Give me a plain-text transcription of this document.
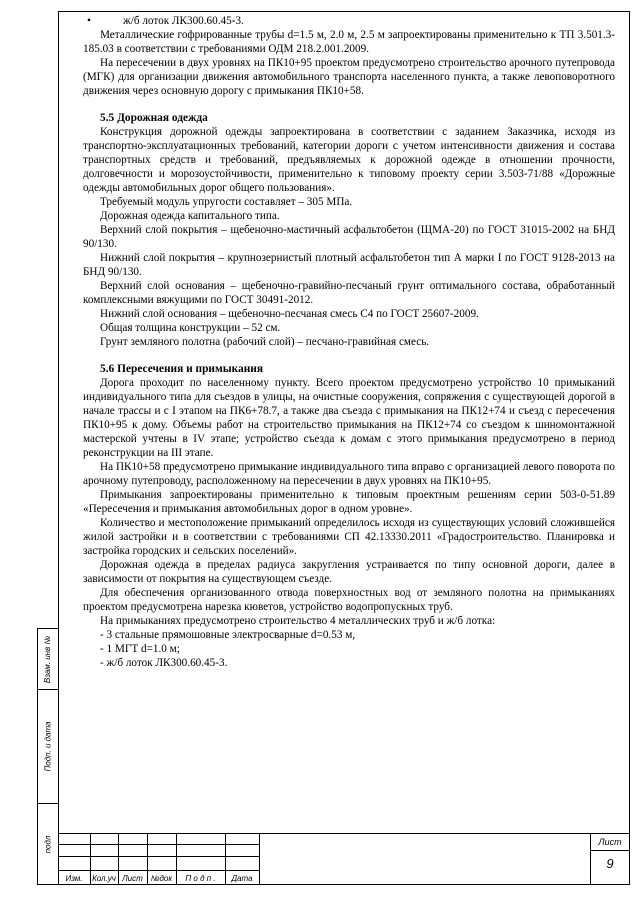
Взам. инв №
Подп. и дата
подл

•	ж/б лоток ЛК300.60.45-3.

Металлические гофрированные трубы d=1.5 м, 2.0 м, 2.5 м запроектированы применительно к ТП 3.501.3-185.03 в соответствии с требованиями ОДМ 218.2.001.2009.

На пересечении в двух уровнях на ПК10+95 проектом предусмотрено строительство арочного путепровода (МГК) для организации движения автомобильного транспорта населенного пункта, а также левоповоротного движения через основную дорогу с примыкания ПК10+58.

5.5 Дорожная одежда

Конструкция дорожной одежды запроектирована в соответствии с заданием Заказчика, исходя из транспортно-эксплуатационных требований, категории дороги с учетом интенсивности движения и состава транспортных средств и требований, предъявляемых к дорожной одежде в отношении прочности, долговечности и морозоустойчивости, применительно к типовому проекту серии 3.503-71/88 «Дорожные одежды автомобильных дорог общего пользования».

Требуемый модуль упругости составляет – 305 МПа.

Дорожная одежда капитального типа.

Верхний слой покрытия – щебеночно-мастичный асфальтобетон (ЩМА-20) по ГОСТ 31015-2002 на БНД 90/130.

Нижний слой покрытия – крупнозернистый плотный асфальтобетон тип А марки I по ГОСТ 9128-2013 на БНД 90/130.

Верхний слой основания – щебеночно-гравийно-песчаный грунт оптимального состава, обработанный комплексными вяжущими по ГОСТ 30491-2012.

Нижний слой основания – щебеночно-песчаная смесь С4 по ГОСТ 25607-2009.

Общая толщина конструкции – 52 см.

Грунт земляного полотна (рабочий слой) – песчано-гравийная смесь.

5.6 Пересечения и примыкания

Дорога проходит по населенному пункту. Всего проектом предусмотрено устройство 10 примыканий индивидуального типа для съездов в улицы, на очистные сооружения, сопряжения с существующей дорогой в начале трассы и с I этапом на ПК6+78.7, а также два съезда с примыкания на ПК12+74 и съезд с пересечения ПК10+95 к дому. Объемы работ на строительство примыкания на ПК12+74 со съездом к шиномонтажной мастерской учтены в IV этапе; устройство съезда к домам с этого примыкания предусмотрено в период реконструкции на III этапе.

На ПК10+58 предусмотрено примыкание индивидуального типа вправо с организацией левого поворота по арочному путепроводу, расположенному на пересечении в двух уровнях на ПК10+95.

Примыкания запроектированы применительно к типовым проектным решениям серии 503-0-51.89 «Пересечения и примыкания автомобильных дорог в одном уровне».

Количество и местоположение примыканий определилось исходя из существующих условий сложившейся жилой застройки и в соответствии с требованиями СП 42.13330.2011 «Градостроительство. Планировка и застройка городских и сельских поселений».

Дорожная одежда в пределах радиуса закругления устраивается по типу основной дороги, далее в зависимости от покрытия на существующем съезде.

Для обеспечения организованного отвода поверхностных вод от земляного полотна на примыканиях проектом предусмотрена нарезка кюветов, устройство водопропускных труб.

На примыканиях предусмотрено строительство 4 металлических труб и ж/б лотка:

- 3 стальные прямошовные электросварные d=0.53 м,

- 1 МГТ d=1.0 м;

- ж/б лоток ЛК300.60.45-3.

Изм.	Кол.уч Лист	№док	П о д п .	Дата
Лист
9
